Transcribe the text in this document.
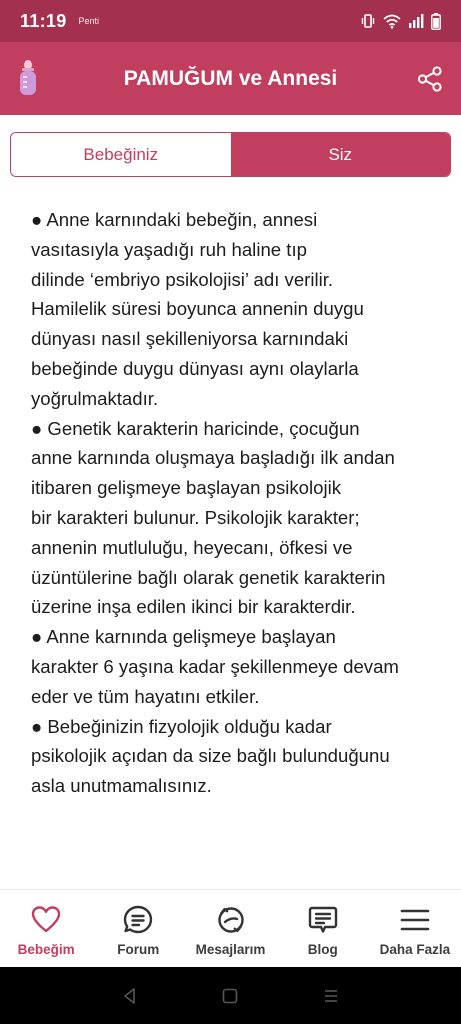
11:19 Penti
PAMUĞUM ve Annesi
Bebeğiniz	Siz
● Anne karnındaki bebeğin, annesi
vasıtasıyla yaşadığı ruh haline tıp
dilinde ‘embriyo psikolojisi’ adı verilir.
Hamilelik süresi boyunca annenin duygu
dünyası nasıl şekilleniyorsa karnındaki
bebeğinde duygu dünyası aynı olaylarla
yoğrulmaktadır.
● Genetik karakterin haricinde, çocuğun
anne karnında oluşmaya başladığı ilk andan
itibaren gelişmeye başlayan psikolojik
bir karakteri bulunur. Psikolojik karakter;
annenin mutluluğu, heyecanı, öfkesi ve
üzüntülerine bağlı olarak genetik karakterin
üzerine inşa edilen ikinci bir karakterdir.
● Anne karnında gelişmeye başlayan
karakter 6 yaşına kadar şekillenmeye devam
eder ve tüm hayatını etkiler.
● Bebeğinizin fizyolojik olduğu kadar
psikolojik açıdan da size bağlı bulunduğunu
asla unutmamalısınız.
Bebeğim	Forum	Mesajlarım	Blog	Daha Fazla
